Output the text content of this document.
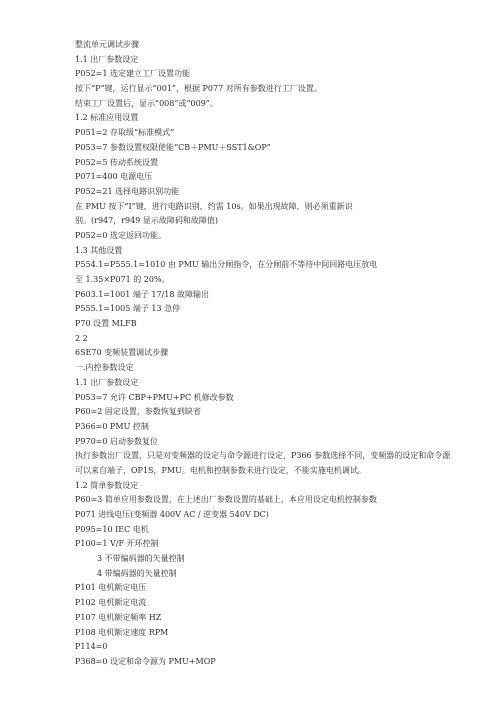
整流单元调试步骤
1.1 出厂参数设定
P052=1 选定建立工厂设置功能
按下“P”键，运行显示“001”，根据 P077 对所有参数进行工厂设置。
结束工厂设置后，显示“008”或“009”。
1.2 标准应用设置
P051=2 存取级“标准模式”
P053=7 参数设置权限使能“CB＋PMU＋SST1&OP”
P052=5 传动系统设置
P071=400 电源电压
P052=21 选择电路识别功能
在 PMU 按下“I”键，进行电路识别，约需 10s。如果出现故障，则必须重新识
别。(r947，r949 显示故障码和故障值)
P052=0 选定返回功能。
1.3 其他设置
P554.1=P555.1=1010 由 PMU 输出分闸指令，在分闸前不等待中间回路电压放电
至 1.35×P071 的 20%。
P603.1=1001 端子 17/18 故障输出
P555.1=1005 端子 13 急停
P70 设置 MLFB
2 2
6SE70 变频装置调试步骤
一.内控参数设定
1.1 出厂参数设定
P053=7 允许 CBP+PMU+PC 机修改参数
P60=2 固定设置，参数恢复到缺省
P366=0 PMU 控制
P970=0 启动参数复位
执行参数出厂设置，只是对变频器的设定与命令源进行设定，P366 参数选择不同，变频器的设定和命令源可以来自端子，OP1S，PMU。电机和控制参数未进行设定，不能实施电机调试。
1.2 简单参数设定
P60=3 简单应用参数设置，在上述出厂参数设置的基础上，本应用设定电机控制参数
P071 进线电压(变频器 400V AC / 逆变器 540V DC)
P095=10 IEC 电机
P100=1 V/F 开环控制
3 不带编码器的矢量控制
4 带编码器的矢量控制
P101 电机额定电压
P102 电机额定电流
P107 电机额定频率 HZ
P108 电机额定速度 RPM
P114=0
P368=0 设定和命令源为 PMU+MOP
